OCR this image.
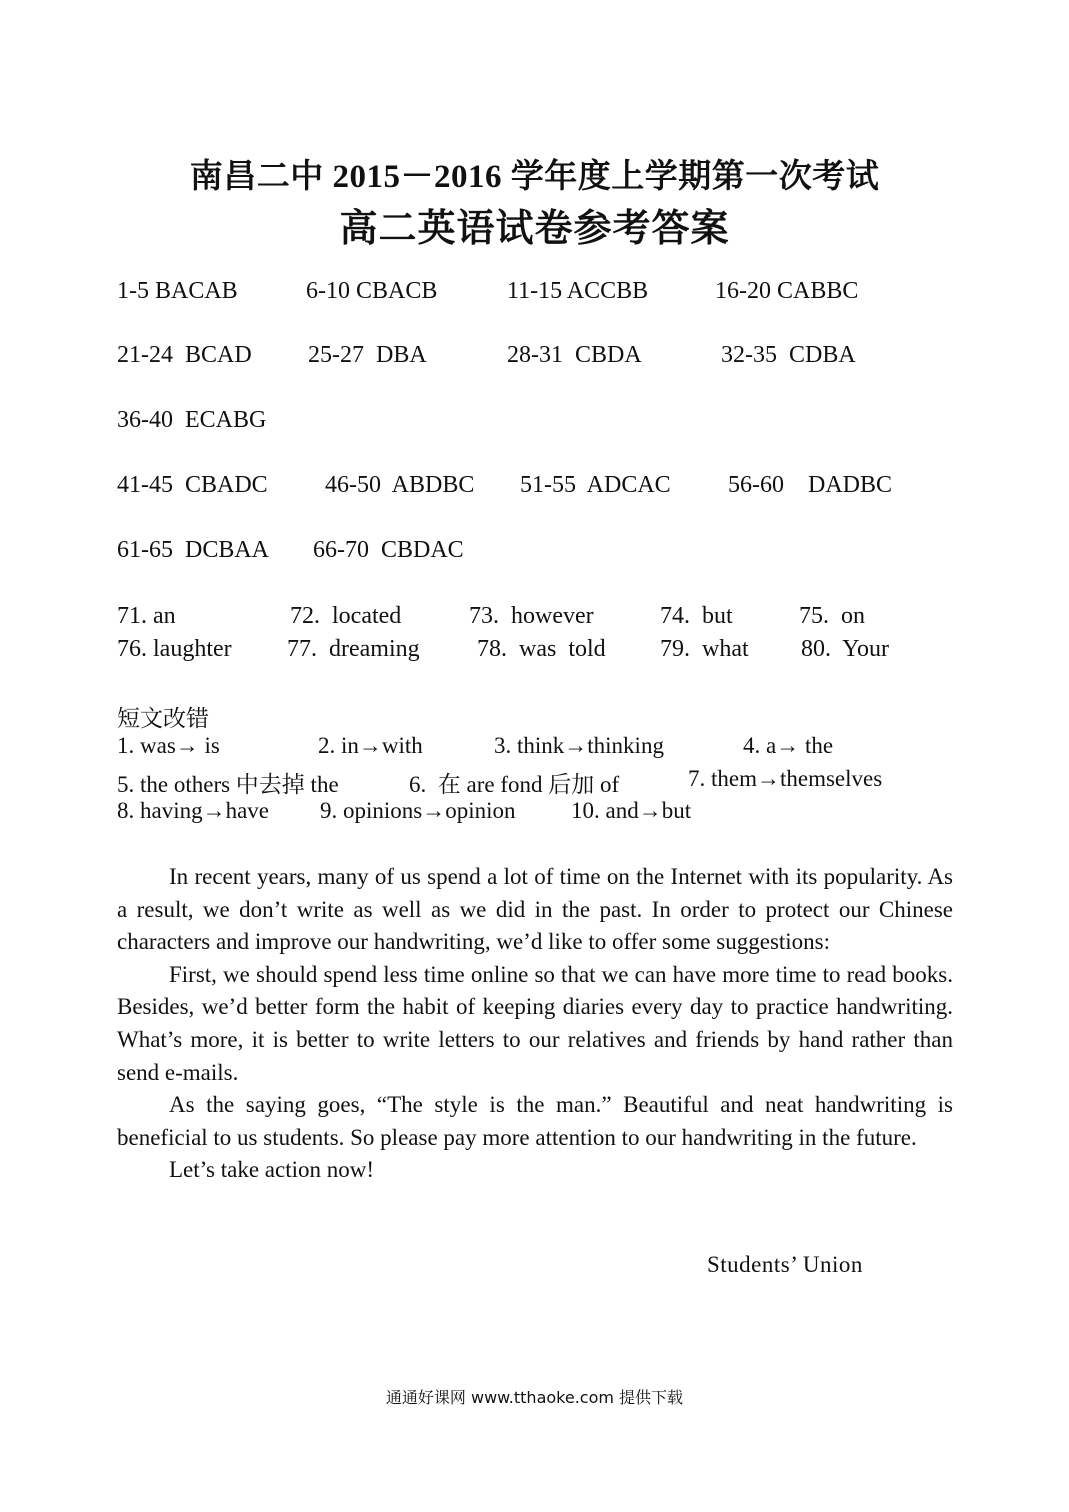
南昌二中 2015－2016 学年度上学期第一次考试
高二英语试卷参考答案
1-5 BACAB	6-10 CBACB	11-15 ACCBB	16-20 CABBC
21-24  BCAD 25-27  DBA	28-31  CBDA	32-35  CDBA
36-40  ECABG
41-45  CBADC 46-50  ABDBC 51-55  ADCAC 56-60    DADBC
61-65  DCBAA 66-70  CBDAC
71. an	72.  located	73.  however	74.  but	75.  on
76. laughter 77.  dreaming 78.  was  told 79.  what 80.  Your
短文改错
1. was→ is	2. in→with	3. think→thinking	4. a→ the
5. the others 中去掉 the	6.  在 are fond 后加 of	7. them→themselves
8. having→have 9. opinions→opinion 10. and→but

In recent years, many of us spend a lot of time on the Internet with its popularity. As a result, we don’t write as well as we did in the past. In order to protect our Chinese characters and improve our handwriting, we’d like to offer some suggestions:

First, we should spend less time online so that we can have more time to read books. Besides, we’d better form the habit of keeping diaries every day to practice handwriting. What’s more, it is better to write letters to our relatives and friends by hand rather than send e-mails.

As the saying goes, “The style is the man.” Beautiful and neat handwriting is beneficial to us students. So please pay more attention to our handwriting in the future.

Let’s take action now!

Students’ Union
通通好课网 www.tthaoke.com 提供下载
